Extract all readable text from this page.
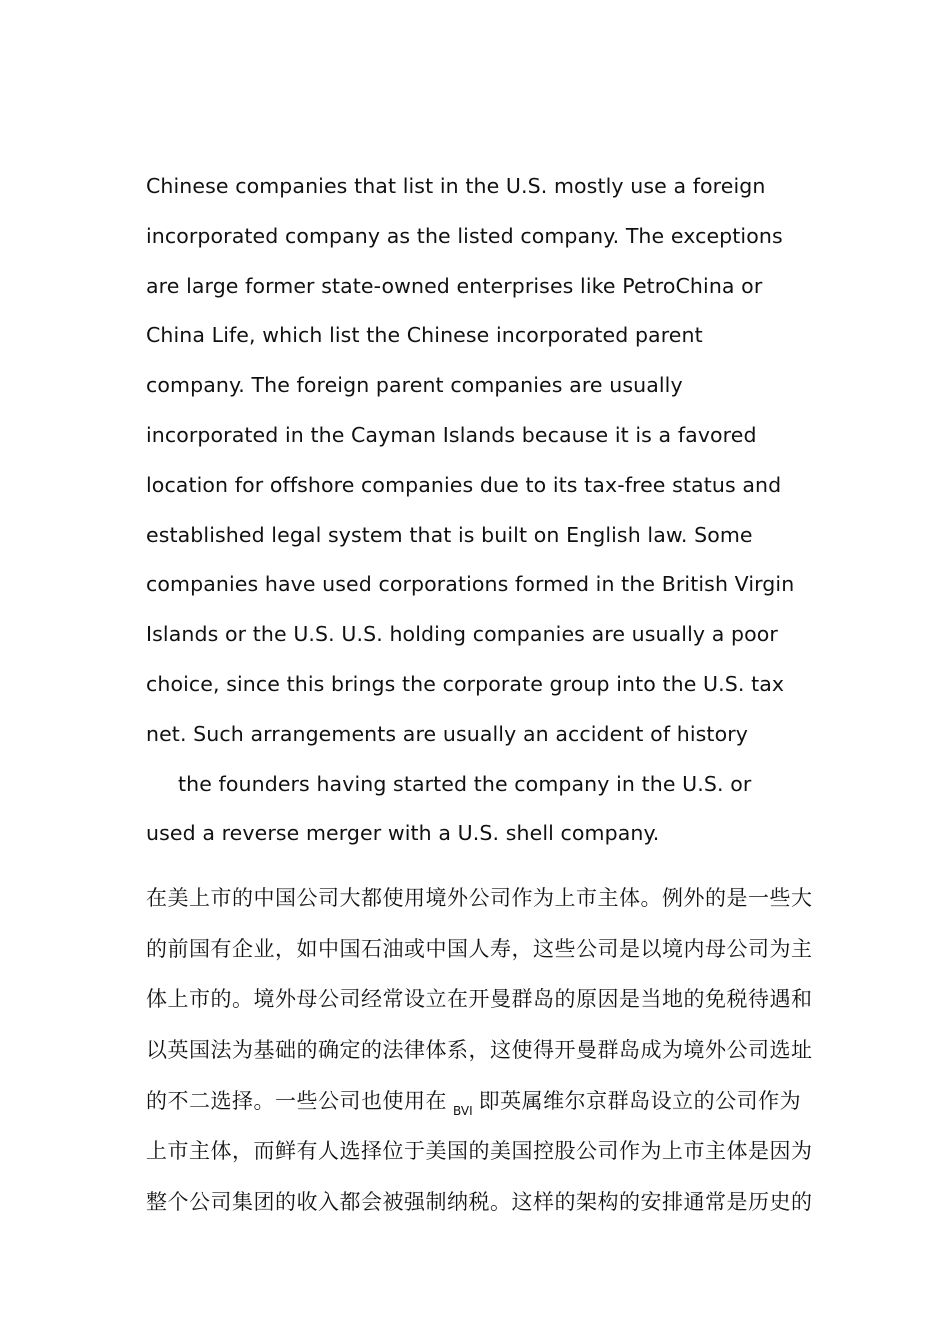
Chinese companies that list in the U.S. mostly use a foreign
incorporated company as the listed company. The exceptions
are large former state-owned enterprises like PetroChina or
China Life, which list the Chinese incorporated parent
company. The foreign parent companies are usually
incorporated in the Cayman Islands because it is a favored
location for offshore companies due to its tax-free status and
established legal system that is built on English law. Some
companies have used corporations formed in the British Virgin
Islands or the U.S. U.S. holding companies are usually a poor
choice, since this brings the corporate group into the U.S. tax
net. Such arrangements are usually an accident of history
the founders having started the company in the U.S. or
used a reverse merger with a U.S. shell company.
在美上市的中国公司大都使用境外公司作为上市主体。例外的是一些大
的前国有企业，如中国石油或中国人寿，这些公司是以境内母公司为主
体上市的。境外母公司经常设立在开曼群岛的原因是当地的免税待遇和
以英国法为基础的确定的法律体系，这使得开曼群岛成为境外公司选址
的不二选择。一些公司也使用在 $_{BVI}$ 即英属维尔京群岛设立的公司作为
上市主体，而鲜有人选择位于美国的美国控股公司作为上市主体是因为
整个公司集团的收入都会被强制纳税。这样的架构的安排通常是历史的
